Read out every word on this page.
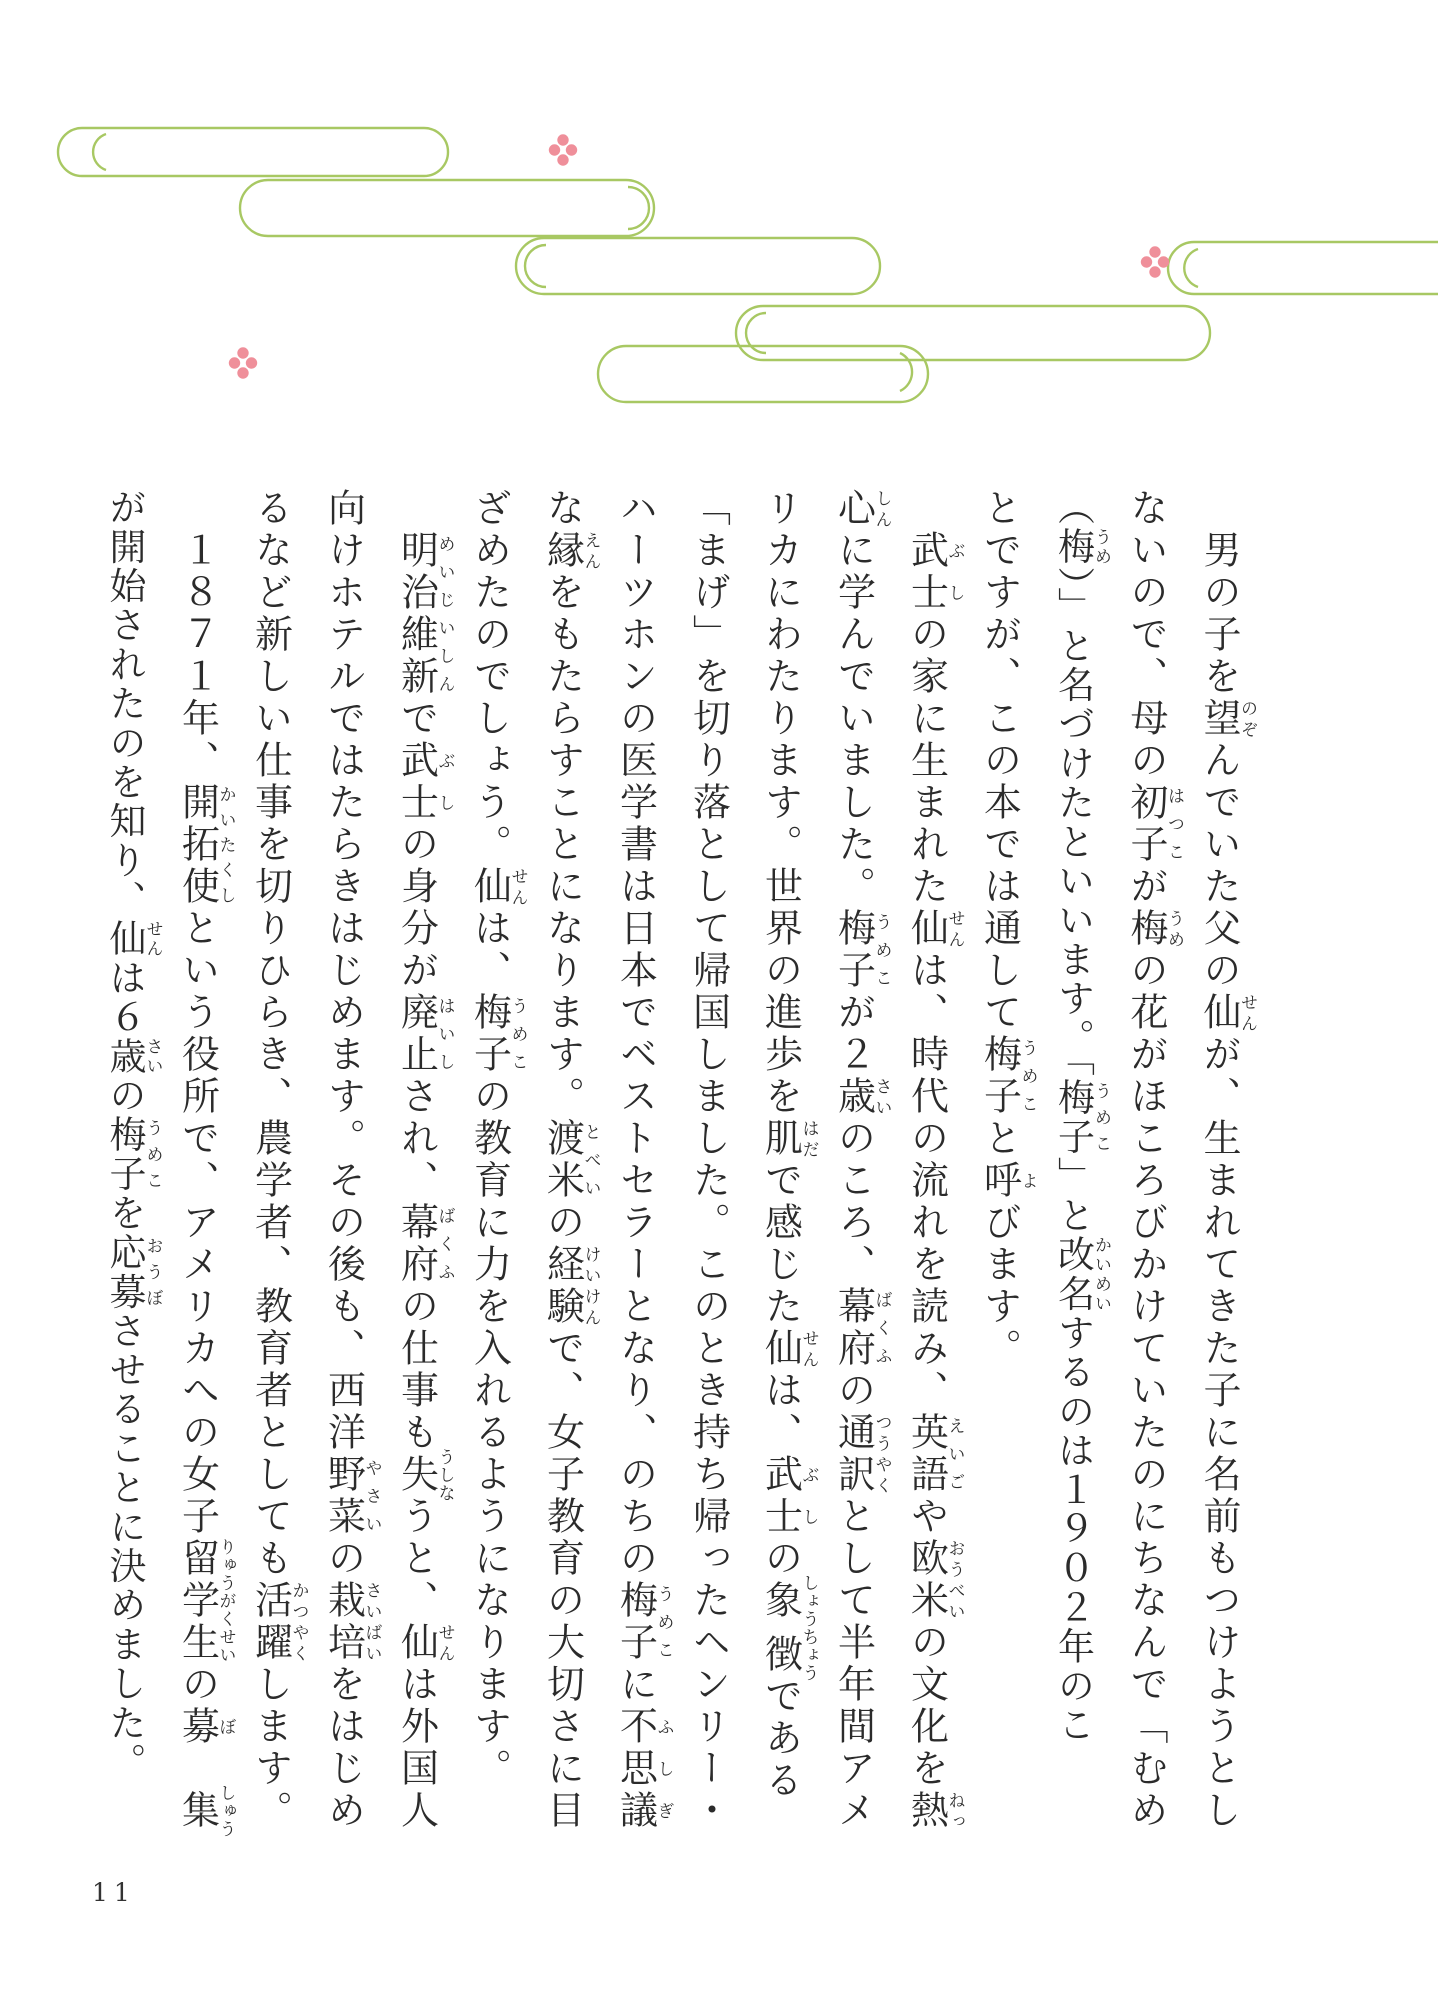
男の子を望のぞんでいた父の仙せんが、生まれてきた子に名前もつけようとし
ないので、母の初子はつこが梅うめの花がほころびかけていたのにちなんで「むめ
（梅うめ）」と名づけたといいます。「梅子うめこ」と改名かいめいするのは１９０２年のこ
とですが、この本では通して梅子うめこと呼よびます。
武士ぶしの家に生まれた仙せんは、時代の流れを読み、英語えいごや欧米おうべいの文化を熱ねっ
心しんに学んでいました。梅子うめこが２歳さいのころ、幕府ばくふの通訳つうやくとして半年間アメ
リカにわたります。世界の進歩を肌はだで感じた仙せんは、武士ぶしの象徴しょうちょうである
「まげ」を切り落として帰国しました。このとき持ち帰ったヘンリー・
ハーツホンの医学書は日本でベストセラーとなり、のちの梅子うめこに不思議ふしぎ
な縁えんをもたらすことになります。渡米とべいの経験けいけんで、女子教育の大切さに目
ざめたのでしょう。仙せんは、梅子うめこの教育に力を入れるようになります。
明治維新めいじいしんで武士ぶしの身分が廃止はいしされ、幕府ばくふの仕事も失うしなうと、仙せんは外国人
向けホテルではたらきはじめます。その後も、西洋野菜やさいの栽培さいばいをはじめ
るなど新しい仕事を切りひらき、農学者、教育者としても活躍かつやくします。
１８７１年、開拓使かいたくしという役所で、アメリカへの女子留学生りゅうがくせいの募ぼ　集しゅう
が開始されたのを知り、仙せんは６歳さいの梅子うめこを応募おうぼさせることに決めました。
11
